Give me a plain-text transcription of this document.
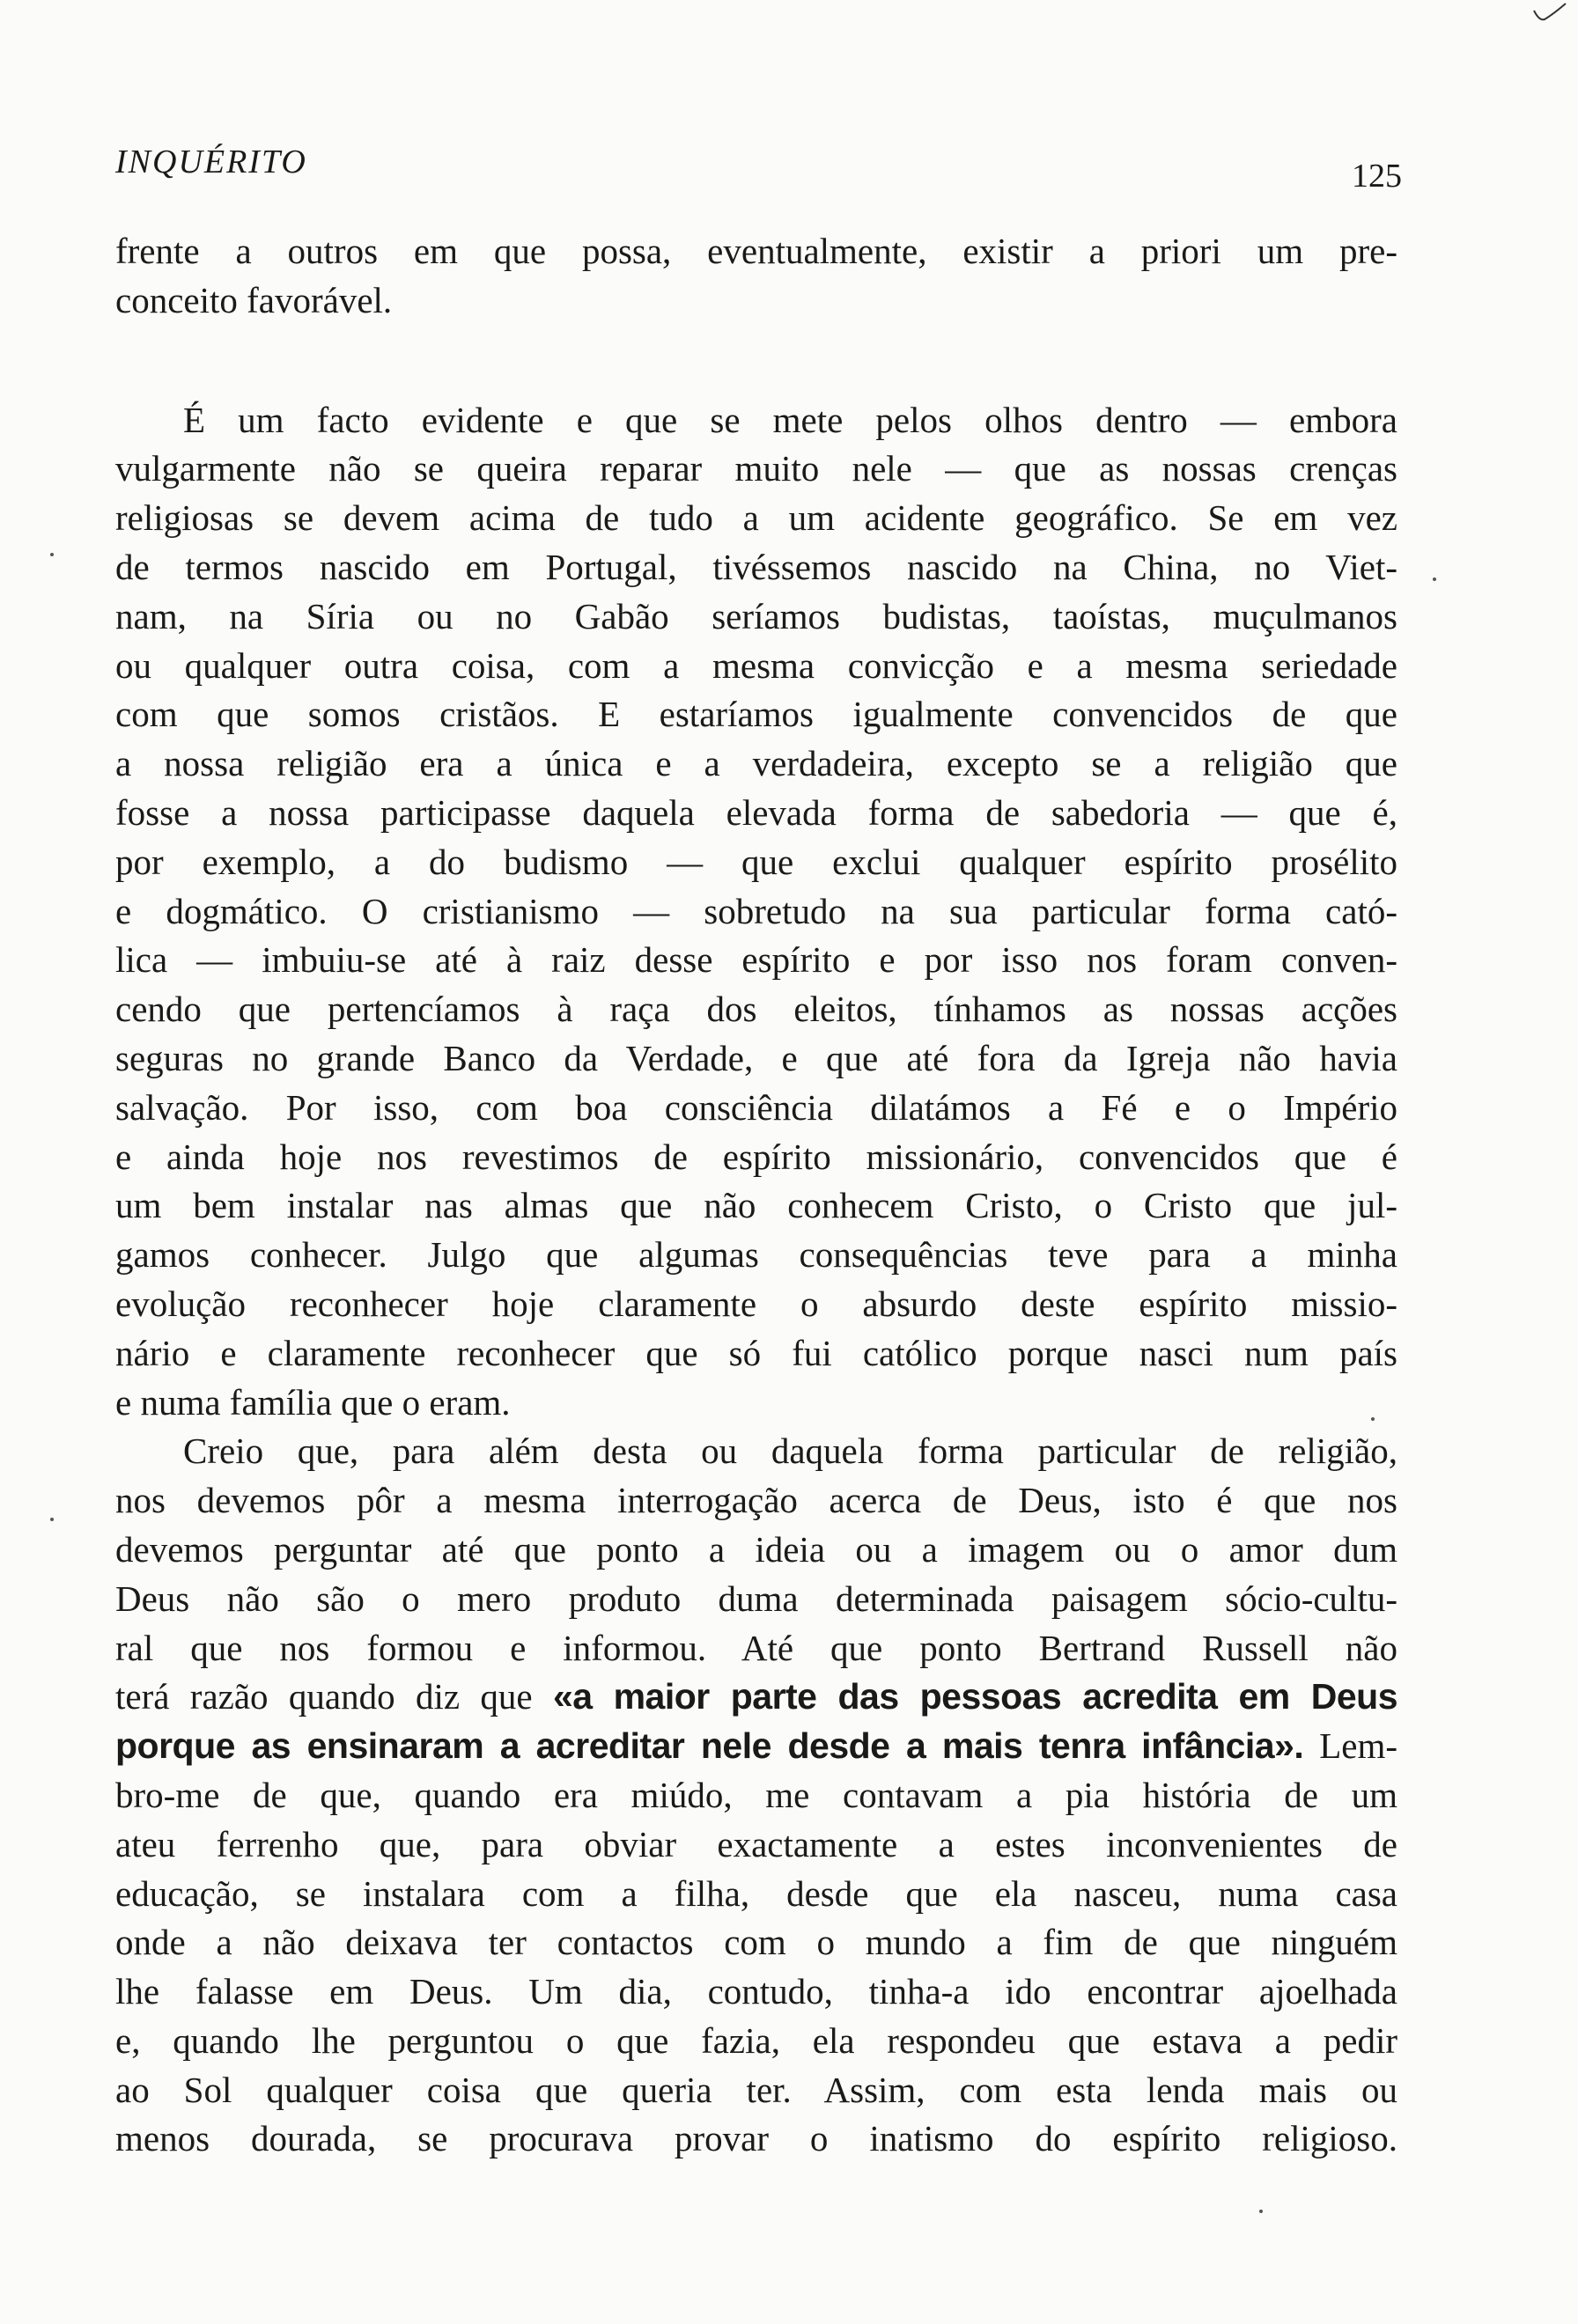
INQUÉRITO	125
frente a outros em que possa, eventualmente, existir a priori um pre-
conceito favorável.
É um facto evidente e que se mete pelos olhos dentro — embora
vulgarmente não se queira reparar muito nele — que as nossas crenças
religiosas se devem acima de tudo a um acidente geográfico. Se em vez
de termos nascido em Portugal, tivéssemos nascido na China, no Viet-
nam, na Síria ou no Gabão seríamos budistas, taoístas, muçulmanos
ou qualquer outra coisa, com a mesma convicção e a mesma seriedade
com que somos cristãos. E estaríamos igualmente convencidos de que
a nossa religião era a única e a verdadeira, excepto se a religião que
fosse a nossa participasse daquela elevada forma de sabedoria — que é,
por exemplo, a do budismo — que exclui qualquer espírito prosélito
e dogmático. O cristianismo — sobretudo na sua particular forma cató-
lica — imbuiu-se até à raiz desse espírito e por isso nos foram conven-
cendo que pertencíamos à raça dos eleitos, tínhamos as nossas acções
seguras no grande Banco da Verdade, e que até fora da Igreja não havia
salvação. Por isso, com boa consciência dilatámos a Fé e o Império
e ainda hoje nos revestimos de espírito missionário, convencidos que é
um bem instalar nas almas que não conhecem Cristo, o Cristo que jul-
gamos conhecer. Julgo que algumas consequências teve para a minha
evolução reconhecer hoje claramente o absurdo deste espírito missio-
nário e claramente reconhecer que só fui católico porque nasci num país
e numa família que o eram.
Creio que, para além desta ou daquela forma particular de religião,
nos devemos pôr a mesma interrogação acerca de Deus, isto é que nos
devemos perguntar até que ponto a ideia ou a imagem ou o amor dum
Deus não são o mero produto duma determinada paisagem sócio-cultu-
ral que nos formou e informou. Até que ponto Bertrand Russell não
terá razão quando diz que «a maior parte das pessoas acredita em Deus
porque as ensinaram a acreditar nele desde a mais tenra infância». Lem-
bro-me de que, quando era miúdo, me contavam a pia história de um
ateu ferrenho que, para obviar exactamente a estes inconvenientes de
educação, se instalara com a filha, desde que ela nasceu, numa casa
onde a não deixava ter contactos com o mundo a fim de que ninguém
lhe falasse em Deus. Um dia, contudo, tinha-a ido encontrar ajoelhada
e, quando lhe perguntou o que fazia, ela respondeu que estava a pedir
ao Sol qualquer coisa que queria ter. Assim, com esta lenda mais ou
menos dourada, se procurava provar o inatismo do espírito religioso.
